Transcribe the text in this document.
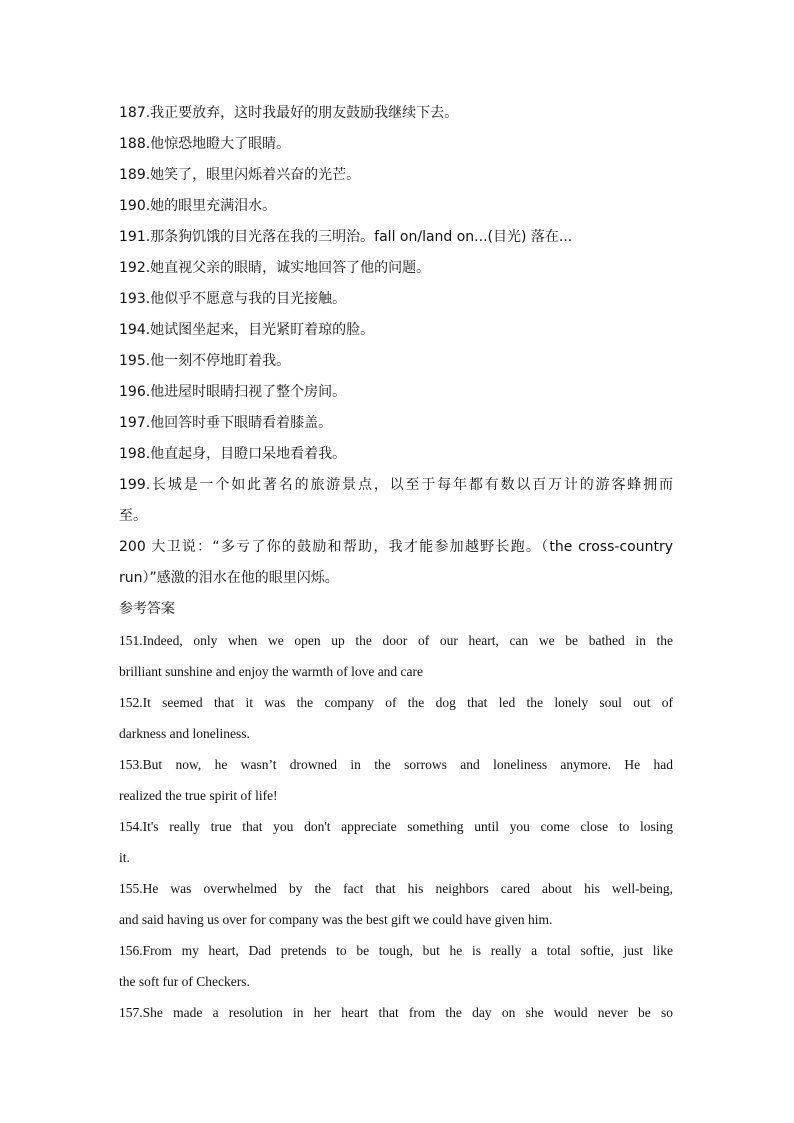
187.我正要放弃，这时我最好的朋友鼓励我继续下去。
188.他惊恐地瞪大了眼睛。
189.她笑了，眼里闪烁着兴奋的光芒。
190.她的眼里充满泪水。
191.那条狗饥饿的目光落在我的三明治。fall on/land on...(目光) 落在...
192.她直视父亲的眼睛，诚实地回答了他的问题。
193.他似乎不愿意与我的目光接触。
194.她试图坐起来，目光紧盯着琼的脸。
195.他一刻不停地盯着我。
196.他进屋时眼睛扫视了整个房间。
197.他回答时垂下眼睛看着膝盖。
198.他直起身，目瞪口呆地看着我。
199.长城是一个如此著名的旅游景点，以至于每年都有数以百万计的游客蜂拥而
至。
200 大卫说：“多亏了你的鼓励和帮助，我才能参加越野长跑。（the cross-country
run）”感激的泪水在他的眼里闪烁。
参考答案
151.Indeed, only when we open up the door of our heart, can we be bathed in the
brilliant sunshine and enjoy the warmth of love and care
152.It seemed that it was the company of the dog that led the lonely soul out of
darkness and loneliness.
153.But now, he wasn’t drowned in the sorrows and loneliness anymore. He had
realized the true spirit of life!
154.It's really true that you don't appreciate something until you come close to losing
it.
155.He was overwhelmed by the fact that his neighbors cared about his well-being,
and said having us over for company was the best gift we could have given him.
156.From my heart, Dad pretends to be tough, but he is really a total softie, just like
the soft fur of Checkers.
157.She made a resolution in her heart that from the day on she would never be so
